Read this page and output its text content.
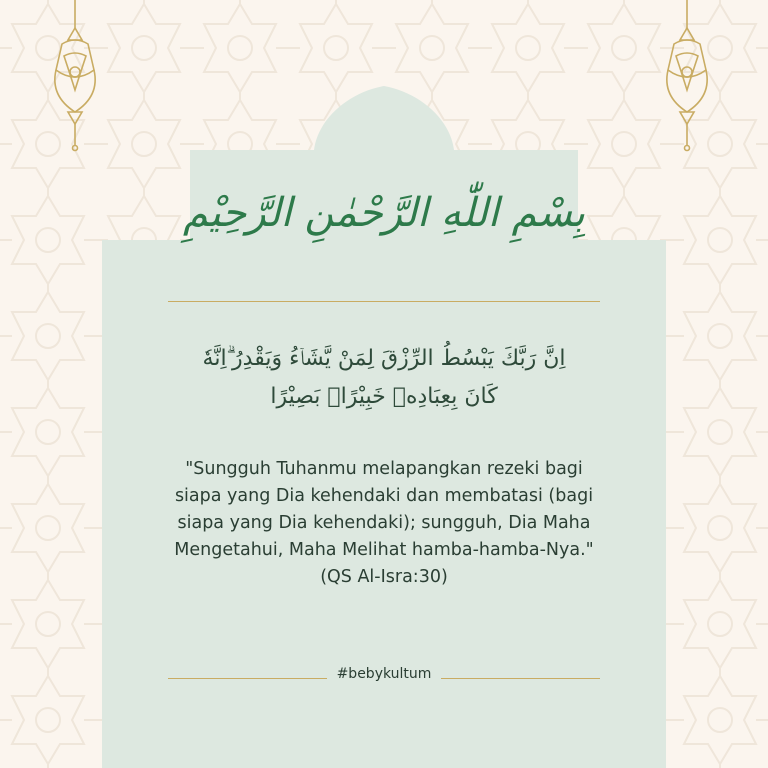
بِسْمِ اللّٰهِ الرَّحْمٰنِ الرَّحِيْمِ
اِنَّ رَبَّكَ يَبْسُطُ الرِّزْقَ لِمَنْ يَّشَاۤءُ وَيَقْدِرُ ۗاِنَّهٗ
كَانَ بِعِبَادِهٖ خَبِيْرًاۢ بَصِيْرًا
"Sungguh Tuhanmu melapangkan rezeki bagi
siapa yang Dia kehendaki dan membatasi (bagi
siapa yang Dia kehendaki); sungguh, Dia Maha
Mengetahui, Maha Melihat hamba-hamba-Nya."
(QS Al-Isra:30)
#bebykultum
